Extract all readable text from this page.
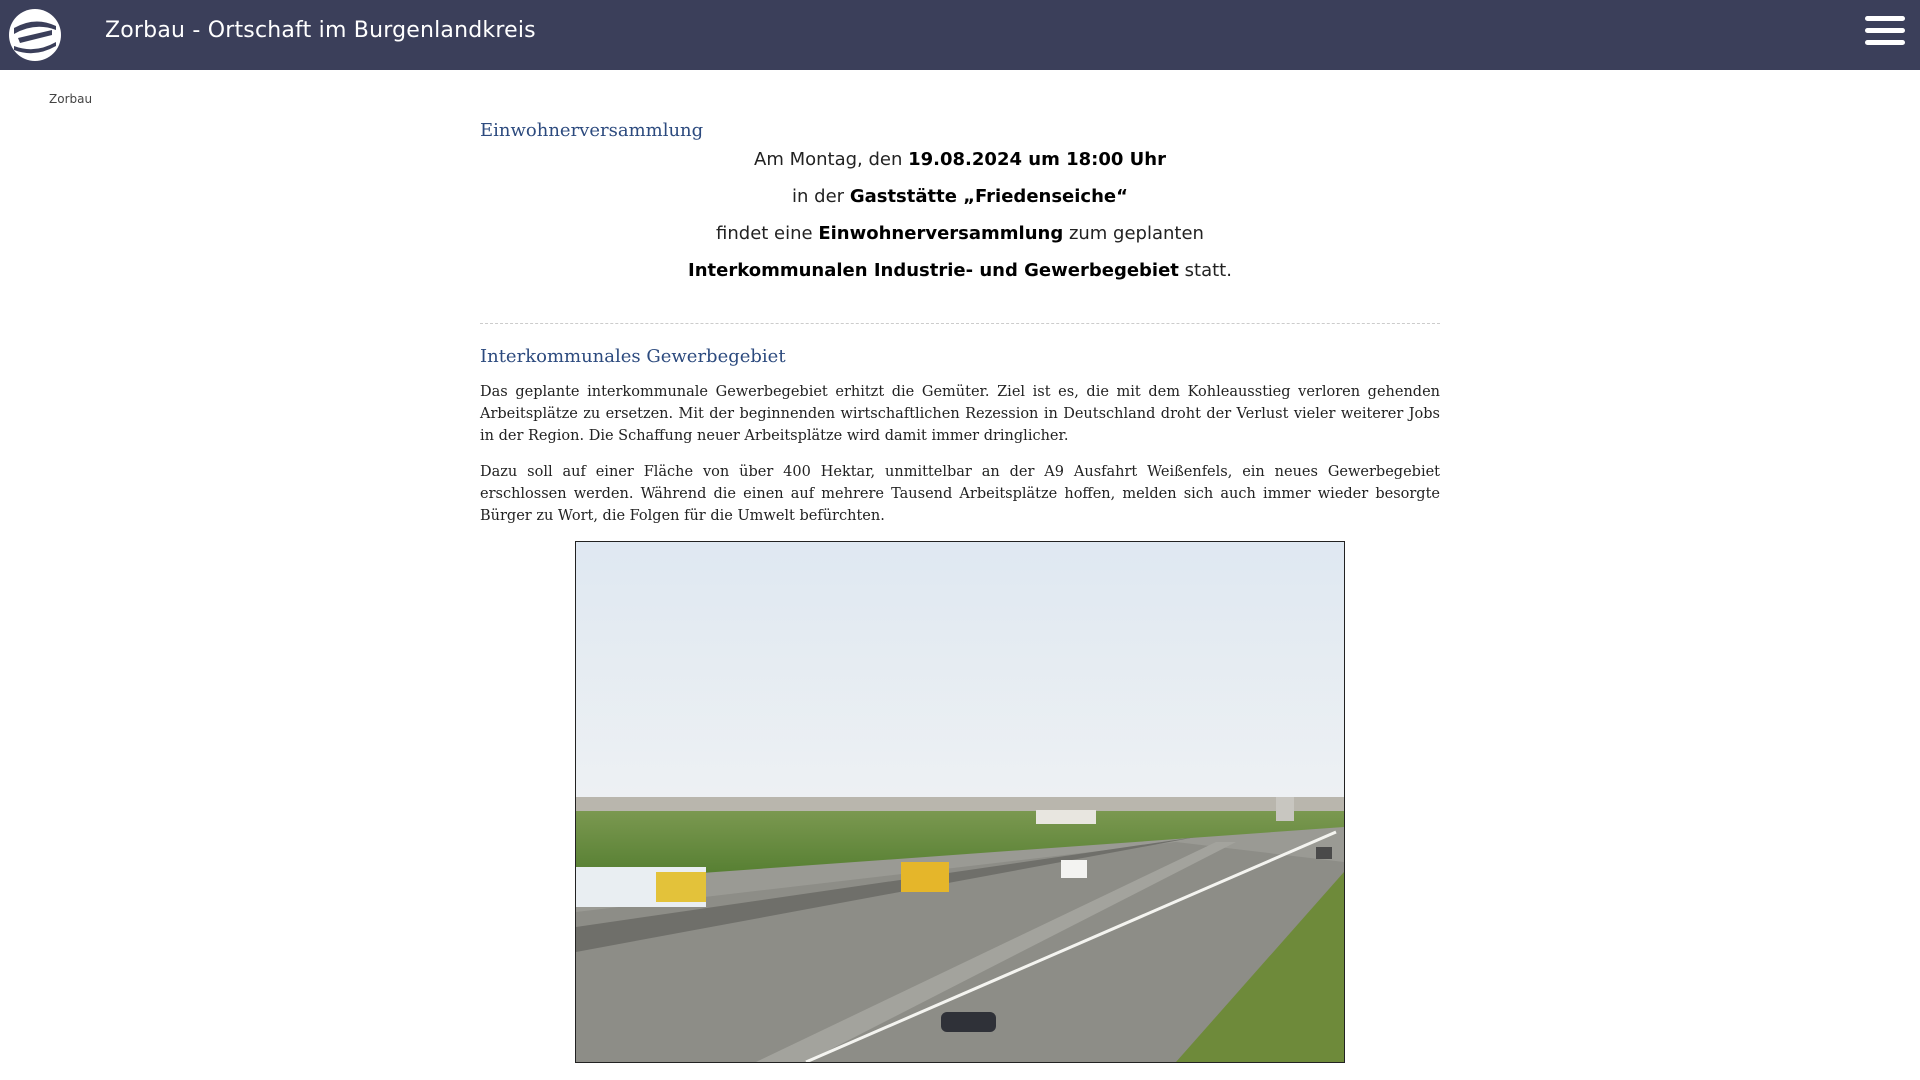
Zorbau - Ortschaft im Burgenlandkreis
Zorbau
Einwohnerversammlung
Am Montag, den 19.08.2024 um 18:00 Uhr
in der Gaststätte „Friedenseiche“
findet eine Einwohnerversammlung zum geplanten
Interkommunalen Industrie- und Gewerbegebiet statt.
Interkommunales Gewerbegebiet

Das geplante interkommunale Gewerbegebiet erhitzt die Gemüter. Ziel ist es, die mit dem Kohleausstieg verloren gehenden Arbeitsplätze zu ersetzen. Mit der beginnenden wirtschaftlichen Rezession in Deutschland droht der Verlust vieler weiterer Jobs in der Region. Die Schaffung neuer Arbeitsplätze wird damit immer dringlicher.

Dazu soll auf einer Fläche von über 400 Hektar, unmittelbar an der A9 Ausfahrt Weißenfels, ein neues Gewerbegebiet erschlossen werden. Während die einen auf mehrere Tausend Arbeitsplätze hoffen, melden sich auch immer wieder besorgte Bürger zu Wort, die Folgen für die Umwelt befürchten.
